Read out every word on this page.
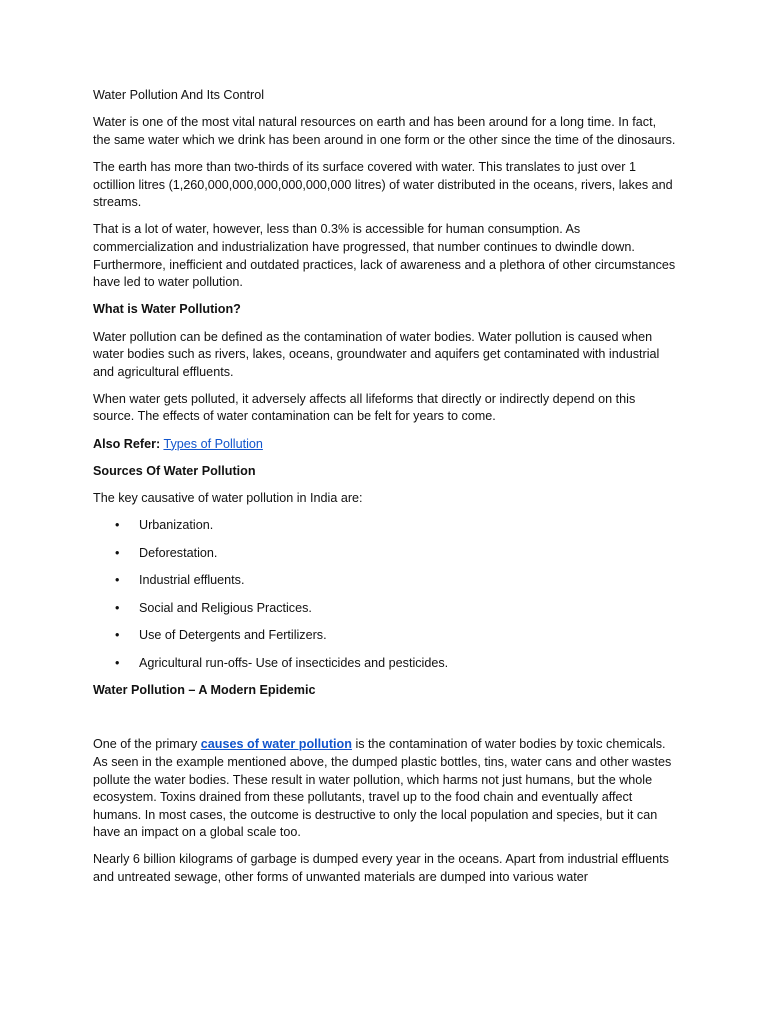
Water Pollution And Its Control

Water is one of the most vital natural resources on earth and has been around for a long time. In fact, the same water which we drink has been around in one form or the other since the time of the dinosaurs.

The earth has more than two-thirds of its surface covered with water. This translates to just over 1 octillion litres (1,260,000,000,000,000,000,000 litres) of water distributed in the oceans, rivers, lakes and streams.

That is a lot of water, however, less than 0.3% is accessible for human consumption. As commercialization and industrialization have progressed, that number continues to dwindle down. Furthermore, inefficient and outdated practices, lack of awareness and a plethora of other circumstances have led to water pollution.

What is Water Pollution?

Water pollution can be defined as the contamination of water bodies. Water pollution is caused when water bodies such as rivers, lakes, oceans, groundwater and aquifers get contaminated with industrial and agricultural effluents.

When water gets polluted, it adversely affects all lifeforms that directly or indirectly depend on this source. The effects of water contamination can be felt for years to come.

Also Refer: Types of Pollution

Sources Of Water Pollution

The key causative of water pollution in India are:

• Urbanization.
• Deforestation.
• Industrial effluents.
• Social and Religious Practices.
• Use of Detergents and Fertilizers.
• Agricultural run-offs- Use of insecticides and pesticides.

Water Pollution – A Modern Epidemic

One of the primary causes of water pollution is the contamination of water bodies by toxic chemicals. As seen in the example mentioned above, the dumped plastic bottles, tins, water cans and other wastes pollute the water bodies. These result in water pollution, which harms not just humans, but the whole ecosystem. Toxins drained from these pollutants, travel up to the food chain and eventually affect humans. In most cases, the outcome is destructive to only the local population and species, but it can have an impact on a global scale too.

Nearly 6 billion kilograms of garbage is dumped every year in the oceans. Apart from industrial effluents and untreated sewage, other forms of unwanted materials are dumped into various water
